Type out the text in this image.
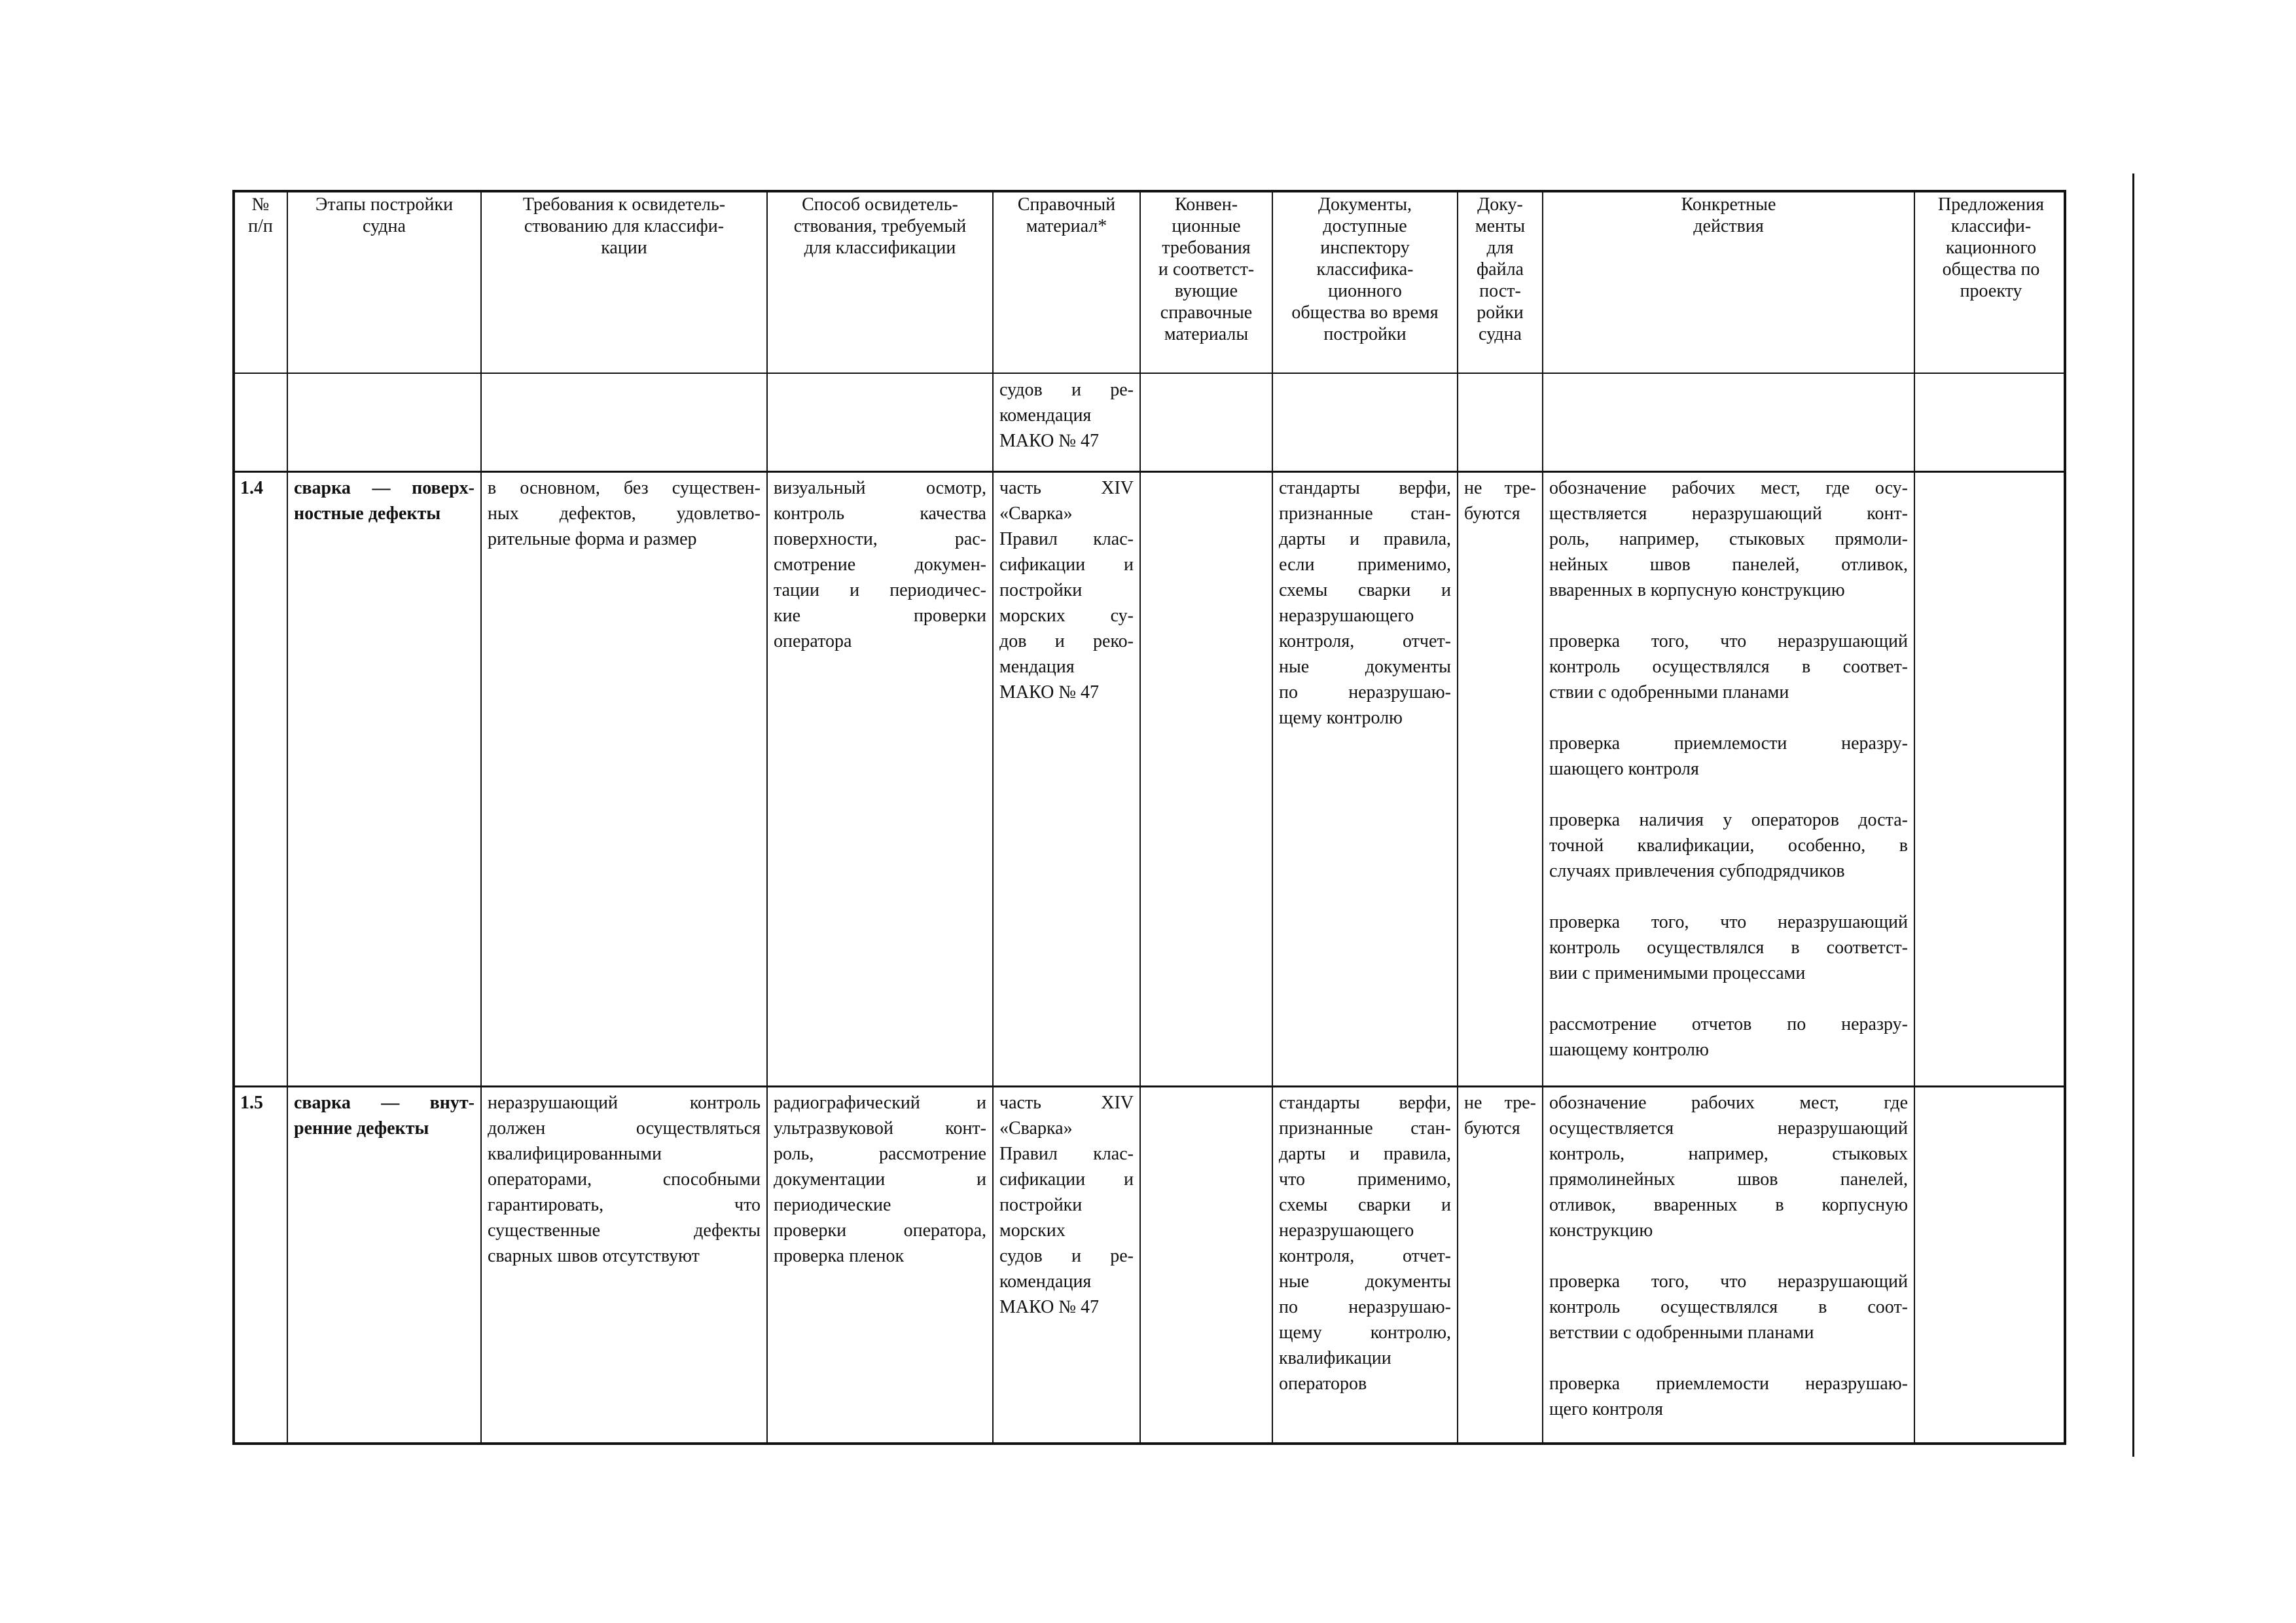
№
п/п
Этапы постройки
судна
Требования к освидетель-
ствованию для классифи-
кации
Способ освидетель-
ствования, требуемый
для классификации
Справочный
материал*
Конвен-
ционные
требования
и соответст-
вующие
справочные
материалы
Документы,
доступные
инспектору
классифика-
ционного
общества во время
постройки
Доку-
менты
для
файла
пост-
ройки
судна
Конкретные
действия
Предложения
классифи-
кационного
общества по
проекту
судов и ре-
комендация
МАКО № 47
1.4	сварка — поверх-
ностные дефекты
в основном, без существен-
ных дефектов, удовлетво-
рительные форма и размер
визуальный осмотр,
контроль качества
поверхности, рас-
смотрение докумен-
тации и периодичес-
кие проверки
оператора
часть XIV
«Сварка»
Правил клас-
сификации и
постройки
морских су-
дов и реко-
мендация
МАКО № 47
стандарты верфи,
признанные стан-
дарты и правила,
если применимо,
схемы сварки и
неразрушающего
контроля, отчет-
ные документы
по неразрушаю-
щему контролю
не тре-
буются
обозначение рабочих мест, где осу-
ществляется неразрушающий конт-
роль, например, стыковых прямоли-
нейных швов панелей, отливок,
вваренных в корпусную конструкцию
проверка того, что неразрушающий
контроль осуществлялся в соответ-
ствии с одобренными планами
проверка приемлемости неразру-
шающего контроля
проверка наличия у операторов доста-
точной квалификации, особенно, в
случаях привлечения субподрядчиков
проверка того, что неразрушающий
контроль осуществлялся в соответст-
вии с применимыми процессами
рассмотрение отчетов по неразру-
шающему контролю
1.5	сварка — внут-
ренние дефекты
неразрушающий контроль
должен осуществляться
квалифицированными
операторами, способными
гарантировать, что
существенные дефекты
сварных швов отсутствуют
радиографический и
ультразвуковой конт-
роль, рассмотрение
документации и
периодические
проверки оператора,
проверка пленок
часть XIV
«Сварка»
Правил клас-
сификации и
постройки
морских
судов и ре-
комендация
МАКО № 47
стандарты верфи,
признанные стан-
дарты и правила,
что применимо,
схемы сварки и
неразрушающего
контроля, отчет-
ные документы
по неразрушаю-
щему контролю,
квалификации
операторов
не тре-
буются
обозначение рабочих мест, где
осуществляется неразрушающий
контроль, например, стыковых
прямолинейных швов панелей,
отливок, вваренных в корпусную
конструкцию
проверка того, что неразрушающий
контроль осуществлялся в соот-
ветствии с одобренными планами
проверка приемлемости неразрушаю-
щего контроля
